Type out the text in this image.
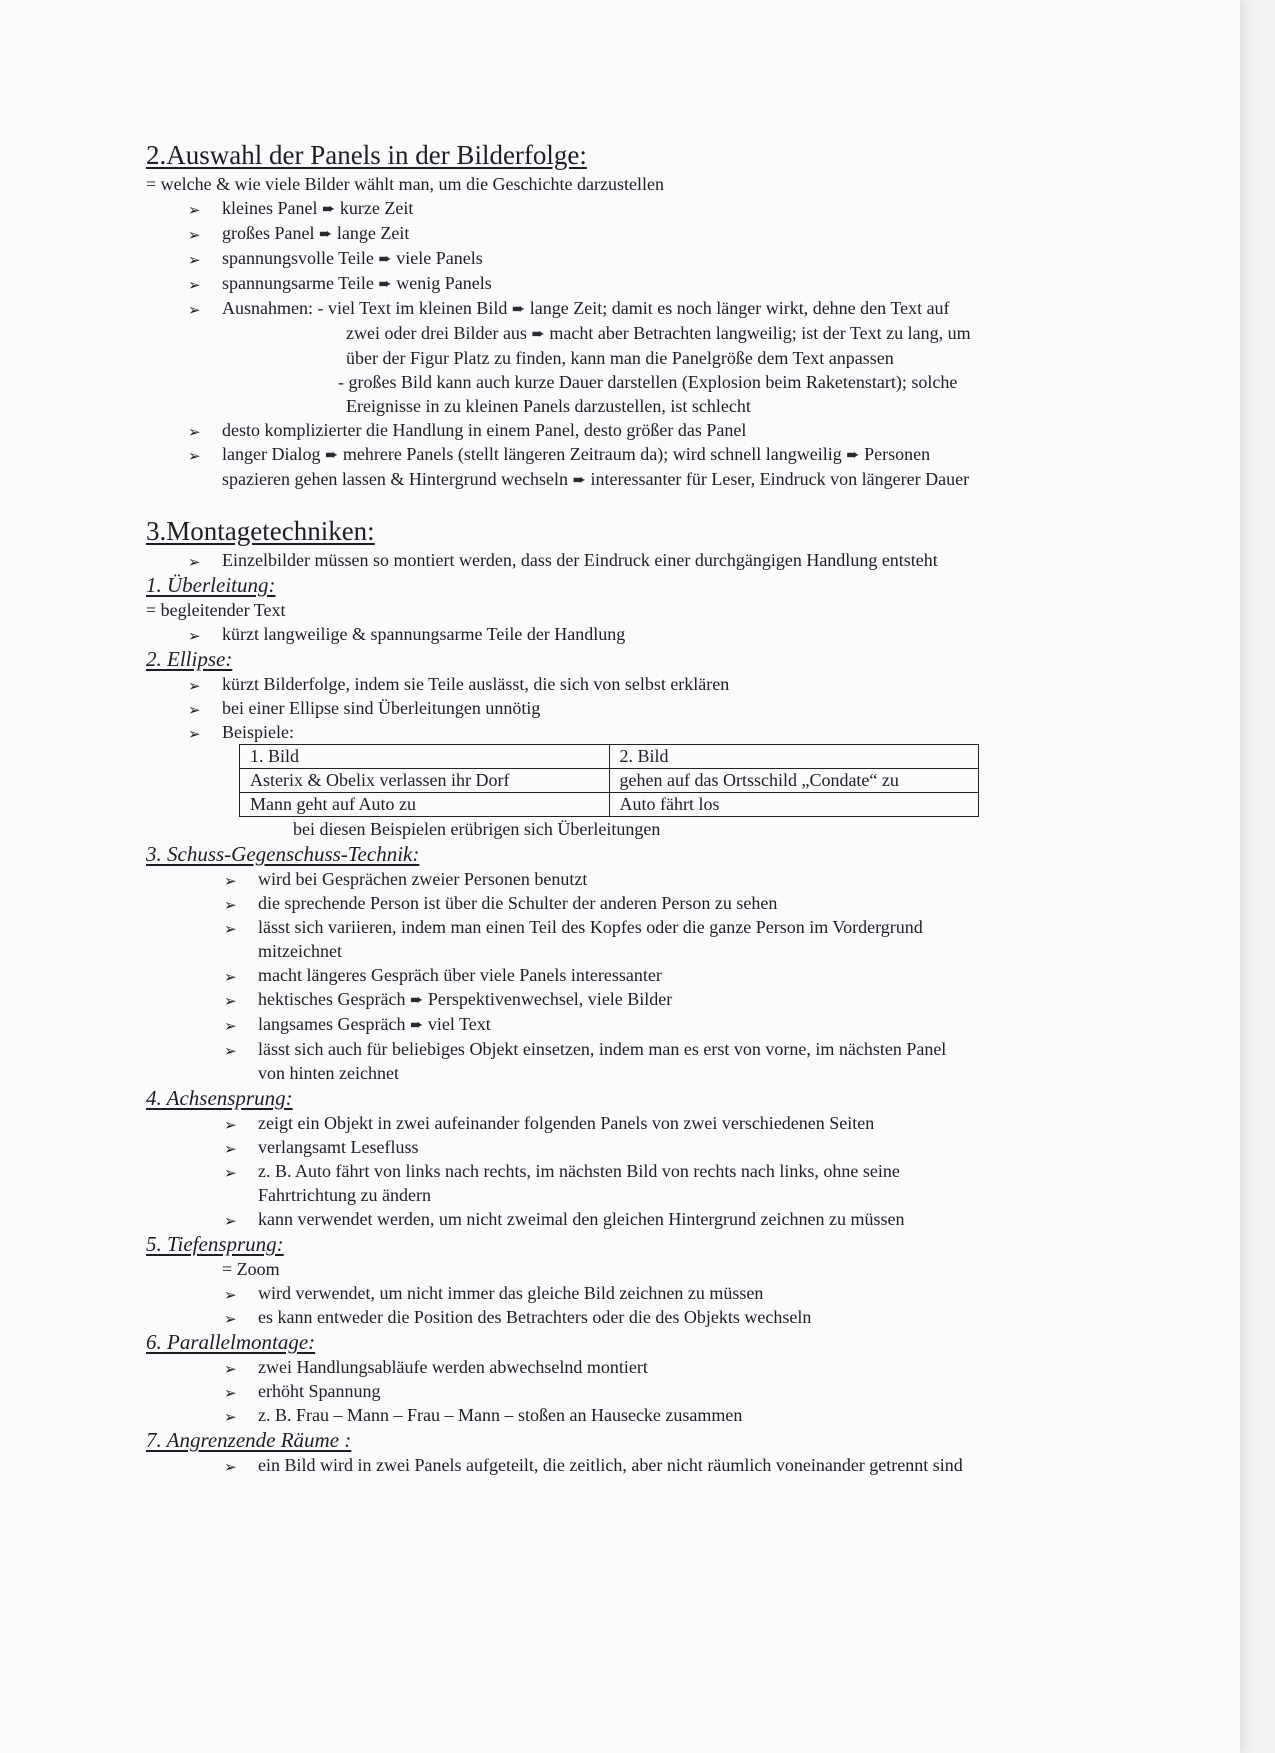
2.Auswahl der Panels in der Bilderfolge:
= welche & wie viele Bilder wählt man, um die Geschichte darzustellen
➢ kleines Panel ➨ kurze Zeit
➢ großes Panel ➨ lange Zeit
➢ spannungsvolle Teile ➨ viele Panels
➢ spannungsarme Teile ➨ wenig Panels
➢ Ausnahmen: - viel Text im kleinen Bild ➨ lange Zeit; damit es noch länger wirkt, dehne den Text auf
zwei oder drei Bilder aus ➨ macht aber Betrachten langweilig; ist der Text zu lang, um
über der Figur Platz zu finden, kann man die Panelgröße dem Text anpassen
- großes Bild kann auch kurze Dauer darstellen (Explosion beim Raketenstart); solche
Ereignisse in zu kleinen Panels darzustellen, ist schlecht
➢ desto komplizierter die Handlung in einem Panel, desto größer das Panel
➢ langer Dialog ➨ mehrere Panels (stellt längeren Zeitraum da); wird schnell langweilig ➨ Personen
spazieren gehen lassen & Hintergrund wechseln ➨ interessanter für Leser, Eindruck von längerer Dauer
3.Montagetechniken:
➢ Einzelbilder müssen so montiert werden, dass der Eindruck einer durchgängigen Handlung entsteht
1. Überleitung:
= begleitender Text
➢ kürzt langweilige & spannungsarme Teile der Handlung
2. Ellipse:
➢ kürzt Bilderfolge, indem sie Teile auslässt, die sich von selbst erklären
➢ bei einer Ellipse sind Überleitungen unnötig
➢ Beispiele:
1. Bild	2. Bild
Asterix & Obelix verlassen ihr Dorf	gehen auf das Ortsschild „Condate“ zu
Mann geht auf Auto zu	Auto fährt los
bei diesen Beispielen erübrigen sich Überleitungen
3. Schuss-Gegenschuss-Technik:
➢ wird bei Gesprächen zweier Personen benutzt
➢ die sprechende Person ist über die Schulter der anderen Person zu sehen
➢ lässt sich variieren, indem man einen Teil des Kopfes oder die ganze Person im Vordergrund
mitzeichnet
➢ macht längeres Gespräch über viele Panels interessanter
➢ hektisches Gespräch ➨ Perspektivenwechsel, viele Bilder
➢ langsames Gespräch ➨ viel Text
➢ lässt sich auch für beliebiges Objekt einsetzen, indem man es erst von vorne, im nächsten Panel
von hinten zeichnet
4. Achsensprung:
➢ zeigt ein Objekt in zwei aufeinander folgenden Panels von zwei verschiedenen Seiten
➢ verlangsamt Lesefluss
➢ z. B. Auto fährt von links nach rechts, im nächsten Bild von rechts nach links, ohne seine
Fahrtrichtung zu ändern
➢ kann verwendet werden, um nicht zweimal den gleichen Hintergrund zeichnen zu müssen
5. Tiefensprung:
= Zoom
➢ wird verwendet, um nicht immer das gleiche Bild zeichnen zu müssen
➢ es kann entweder die Position des Betrachters oder die des Objekts wechseln
6. Parallelmontage:
➢ zwei Handlungsabläufe werden abwechselnd montiert
➢ erhöht Spannung
➢ z. B. Frau – Mann – Frau – Mann – stoßen an Hausecke zusammen
7. Angrenzende Räume :
➢ ein Bild wird in zwei Panels aufgeteilt, die zeitlich, aber nicht räumlich voneinander getrennt sind
